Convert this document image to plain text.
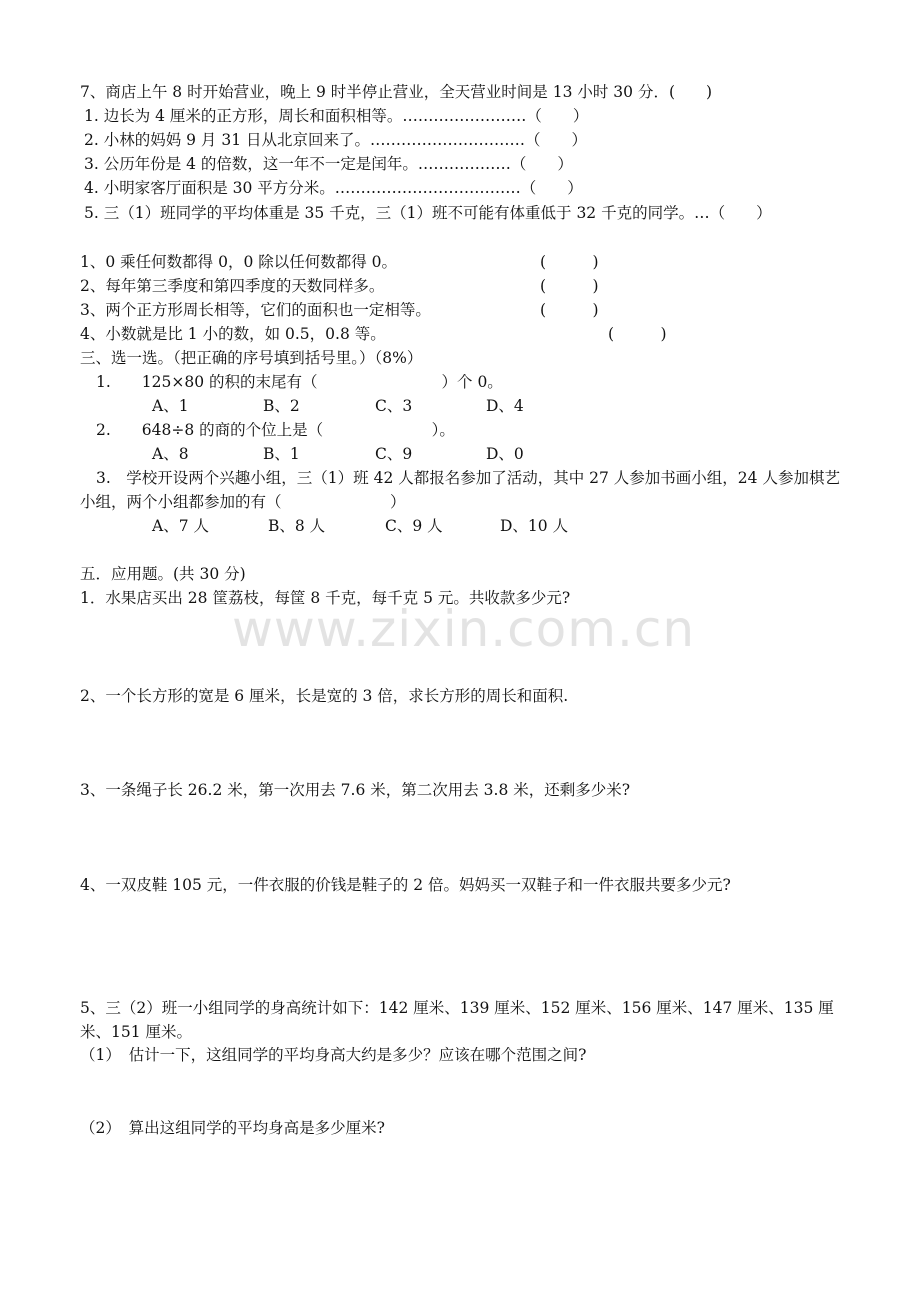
www.zixin.com.cn
7、商店上午 8 时开始营业，晚上 9 时半停止营业，全天营业时间是 13 小时 30 分．(　　)
1. 边长为 4 厘米的正方形，周长和面积相等。……………………（　　）
2. 小林的妈妈 9 月 31 日从北京回来了。…………………………（　　）
3. 公历年份是 4 的倍数，这一年不一定是闰年。………………（　　）
4. 小明家客厅面积是 30 平方分米。………………………………（　　）
5. 三（1）班同学的平均体重是 35 千克，三（1）班不可能有体重低于 32 千克的同学。…（　　）
1、0 乘任何数都得 0，0 除以任何数都得 0。	(　　　)
2、每年第三季度和第四季度的天数同样多。	(　　　)
3、两个正方形周长相等，它们的面积也一定相等。	(　　　)
4、小数就是比 1 小的数，如 0.5，0.8 等。	(　　　)
三、选一选。（把正确的序号填到括号里。）（8%）
1.　　125×80 的积的末尾有（　　　　　　　　）个 0。
A、1	B、2	C、3	D、4
2.　　648÷8 的商的个位上是（　　　　　　　）。
A、8	B、1	C、9	D、0
3.　学校开设两个兴趣小组，三（1）班 42 人都报名参加了活动，其中 27 人参加书画小组，24 人参加棋艺小组，两个小组都参加的有（　　　　　　　）
A、7 人	B、8 人	C、9 人	D、10 人
五．应用题。(共 30 分)
1．水果店买出 28 筐荔枝，每筐 8 千克，每千克 5 元。共收款多少元?
2、一个长方形的宽是 6 厘米，长是宽的 3 倍，求长方形的周长和面积.
3、一条绳子长 26.2 米，第一次用去 7.6 米，第二次用去 3.8 米，还剩多少米?
4、一双皮鞋 105 元，一件衣服的价钱是鞋子的 2 倍。妈妈买一双鞋子和一件衣服共要多少元?
5、三（2）班一小组同学的身高统计如下：142 厘米、139 厘米、152 厘米、156 厘米、147 厘米、135 厘米、151 厘米。
（1）　估计一下，这组同学的平均身高大约是多少？应该在哪个范围之间?
（2）　算出这组同学的平均身高是多少厘米?
